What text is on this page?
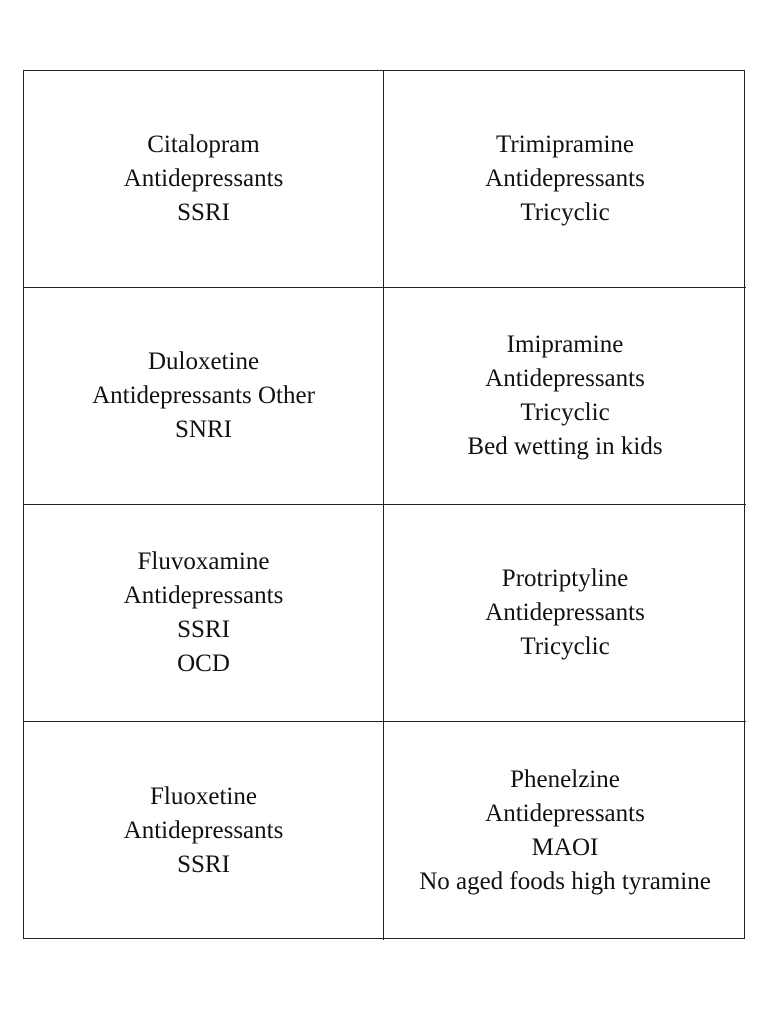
Citalopram
Antidepressants
SSRI
Trimipramine
Antidepressants
Tricyclic
Duloxetine
Antidepressants Other
SNRI
Imipramine
Antidepressants
Tricyclic
Bed wetting in kids
Fluvoxamine
Antidepressants
SSRI
OCD
Protriptyline
Antidepressants
Tricyclic
Fluoxetine
Antidepressants
SSRI
Phenelzine
Antidepressants
MAOI
No aged foods high tyramine
